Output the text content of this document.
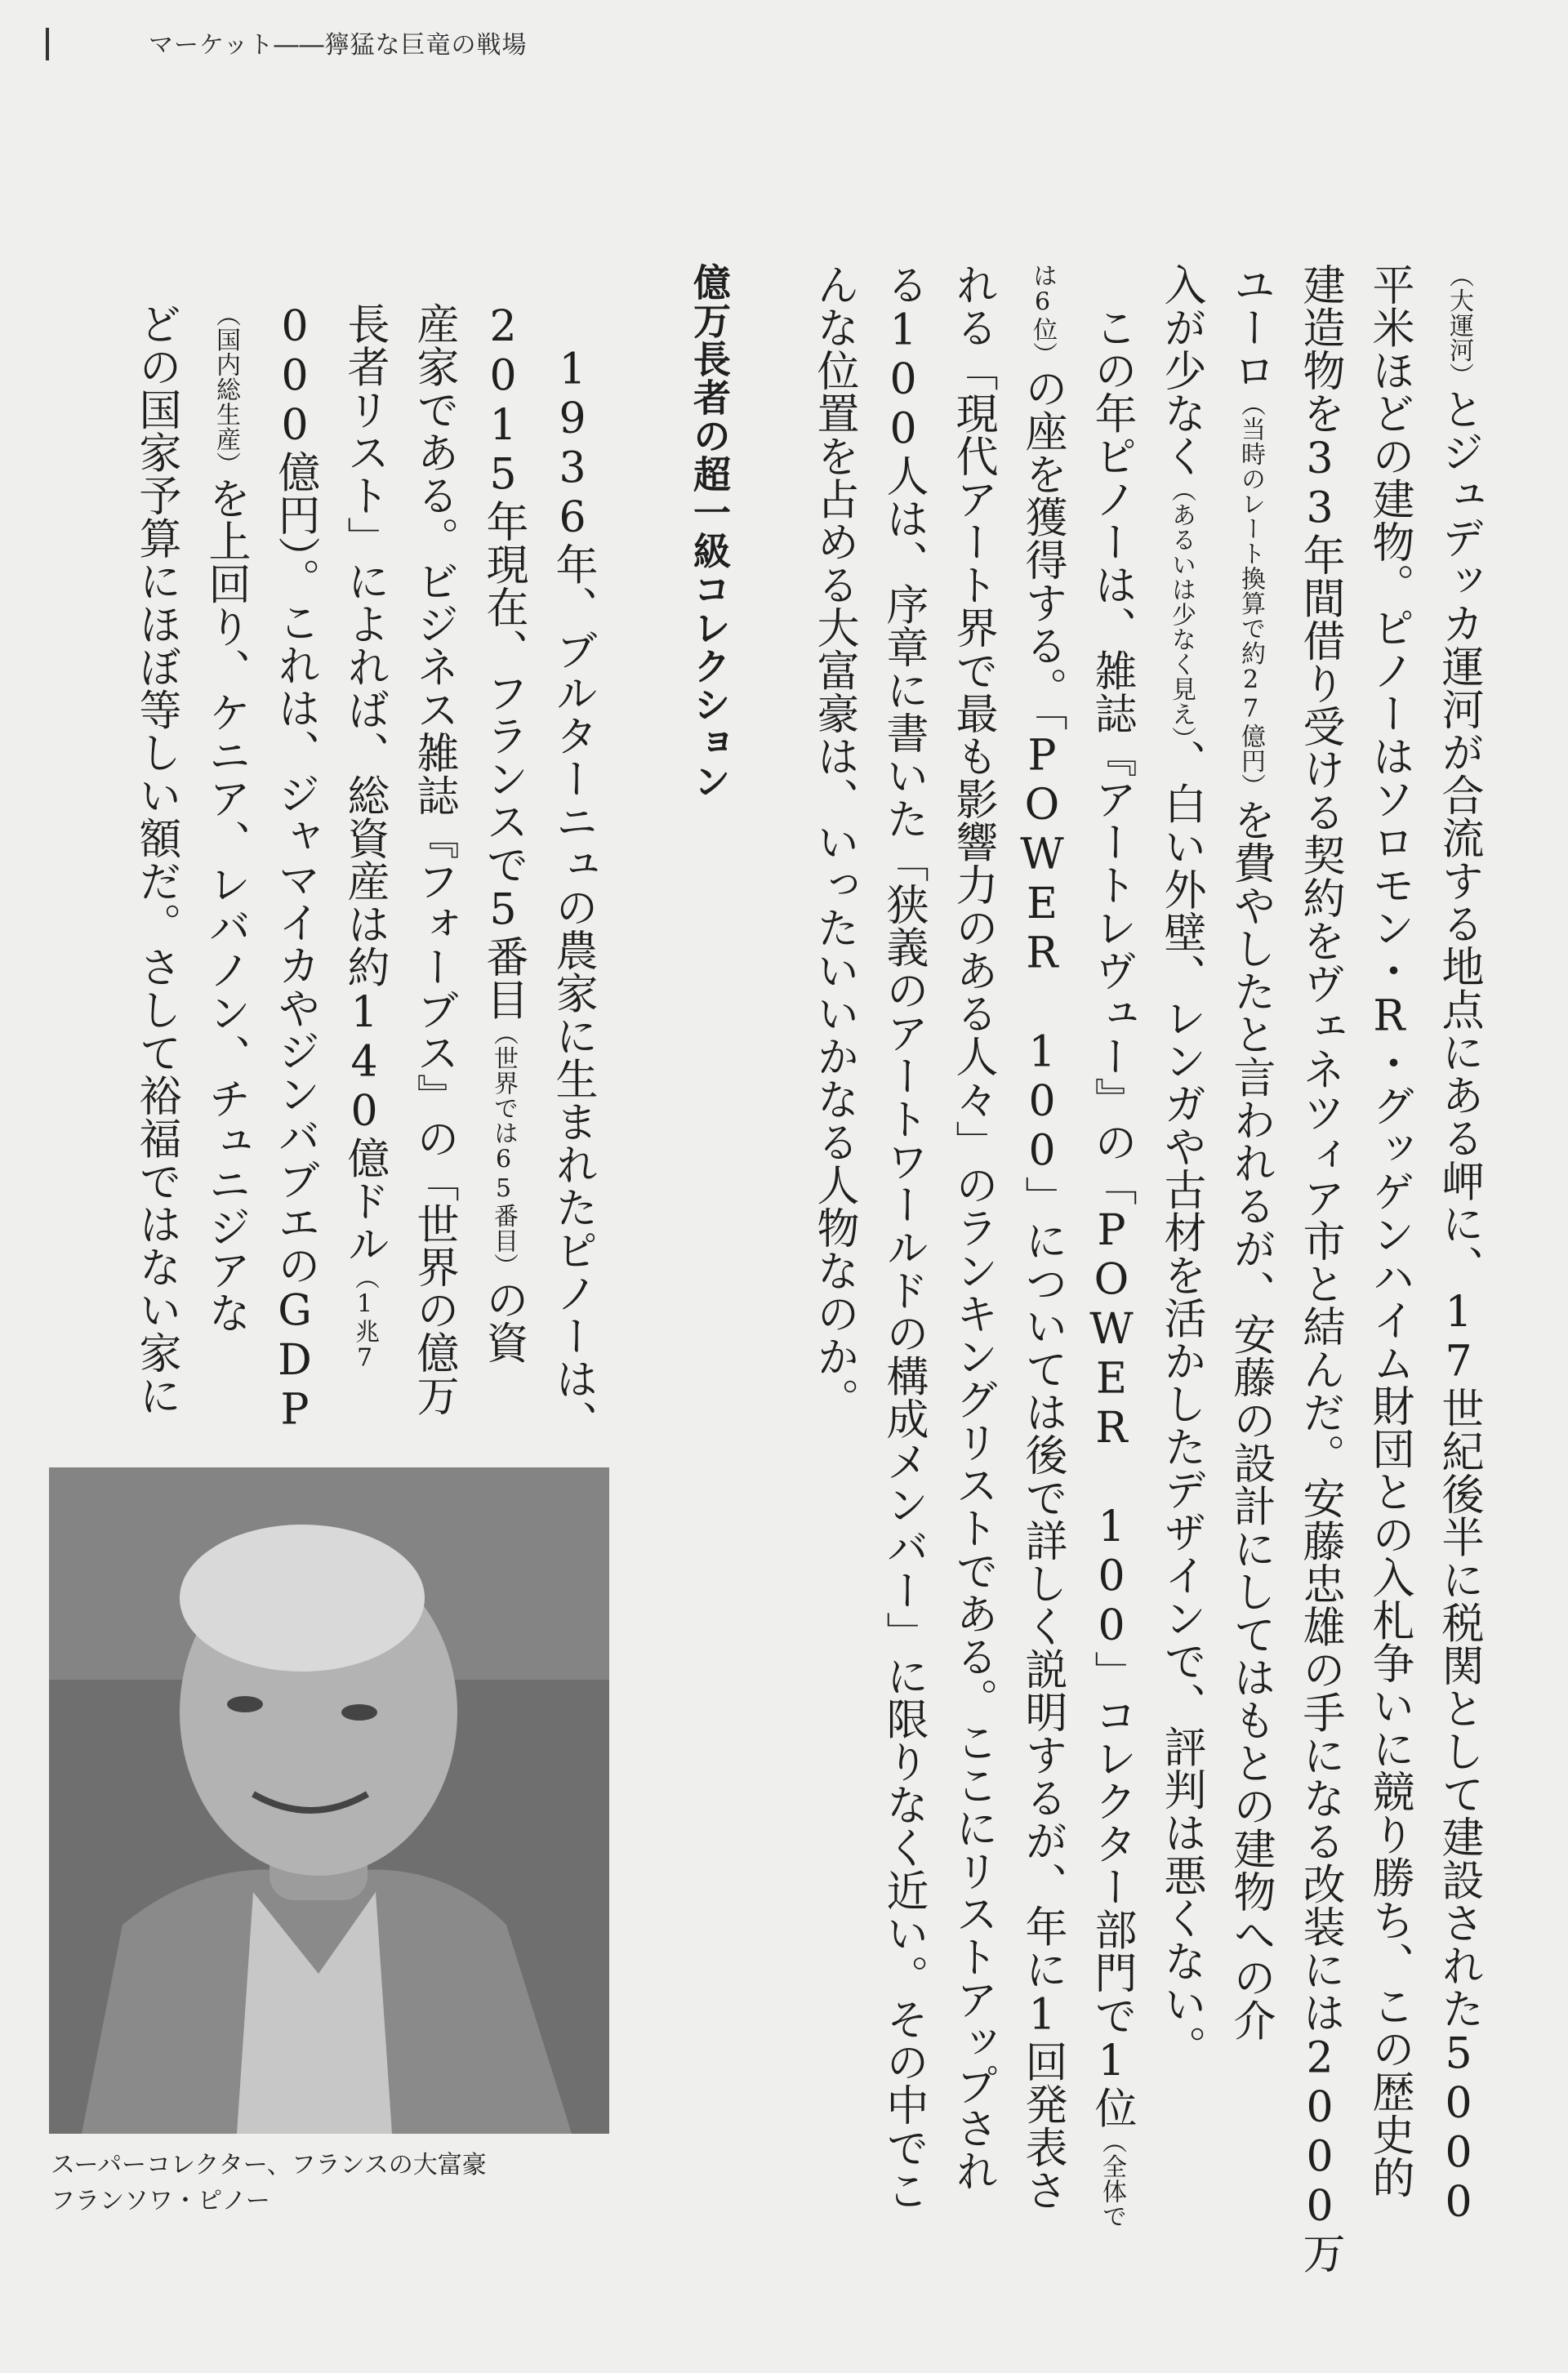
マーケット――獰猛な巨竜の戦場
（大運河）とジュデッカ運河が合流する地点にある岬に、17世紀後半に税関として建設された5000
平米ほどの建物。ピノーはソロモン・R・グッゲンハイム財団との入札争いに競り勝ち、この歴史的
建造物を33年間借り受ける契約をヴェネツィア市と結んだ。安藤忠雄の手になる改装には2000万
ユーロ（当時のレート換算で約27億円）を費やしたと言われるが、安藤の設計にしてはもとの建物への介
入が少なく（あるいは少なく見え）、白い外壁、レンガや古材を活かしたデザインで、評判は悪くない。
　この年ピノーは、雑誌『アートレヴュー』の「POWER 100」コレクター部門で1位（全体で
は6位）の座を獲得する。「POWER 100」については後で詳しく説明するが、年に1回発表さ
れる「現代アート界で最も影響力のある人々」のランキングリストである。ここにリストアップされ
る100人は、序章に書いた「狭義のアートワールドの構成メンバー」に限りなく近い。その中でこ
んな位置を占める大富豪は、いったいいかなる人物なのか。
億万長者の超一級コレクション
　1936年、ブルターニュの農家に生まれたピノーは、
2015年現在、フランスで5番目（世界では65番目）の資
産家である。ビジネス雑誌『フォーブス』の「世界の億万
長者リスト」によれば、総資産は約140億ドル（1兆7
000億円）。これは、ジャマイカやジンバブエのGDP
（国内総生産）を上回り、ケニア、レバノン、チュニジアな
どの国家予算にほぼ等しい額だ。さして裕福ではない家に
スーパーコレクター、フランスの大富豪
フランソワ・ピノー
